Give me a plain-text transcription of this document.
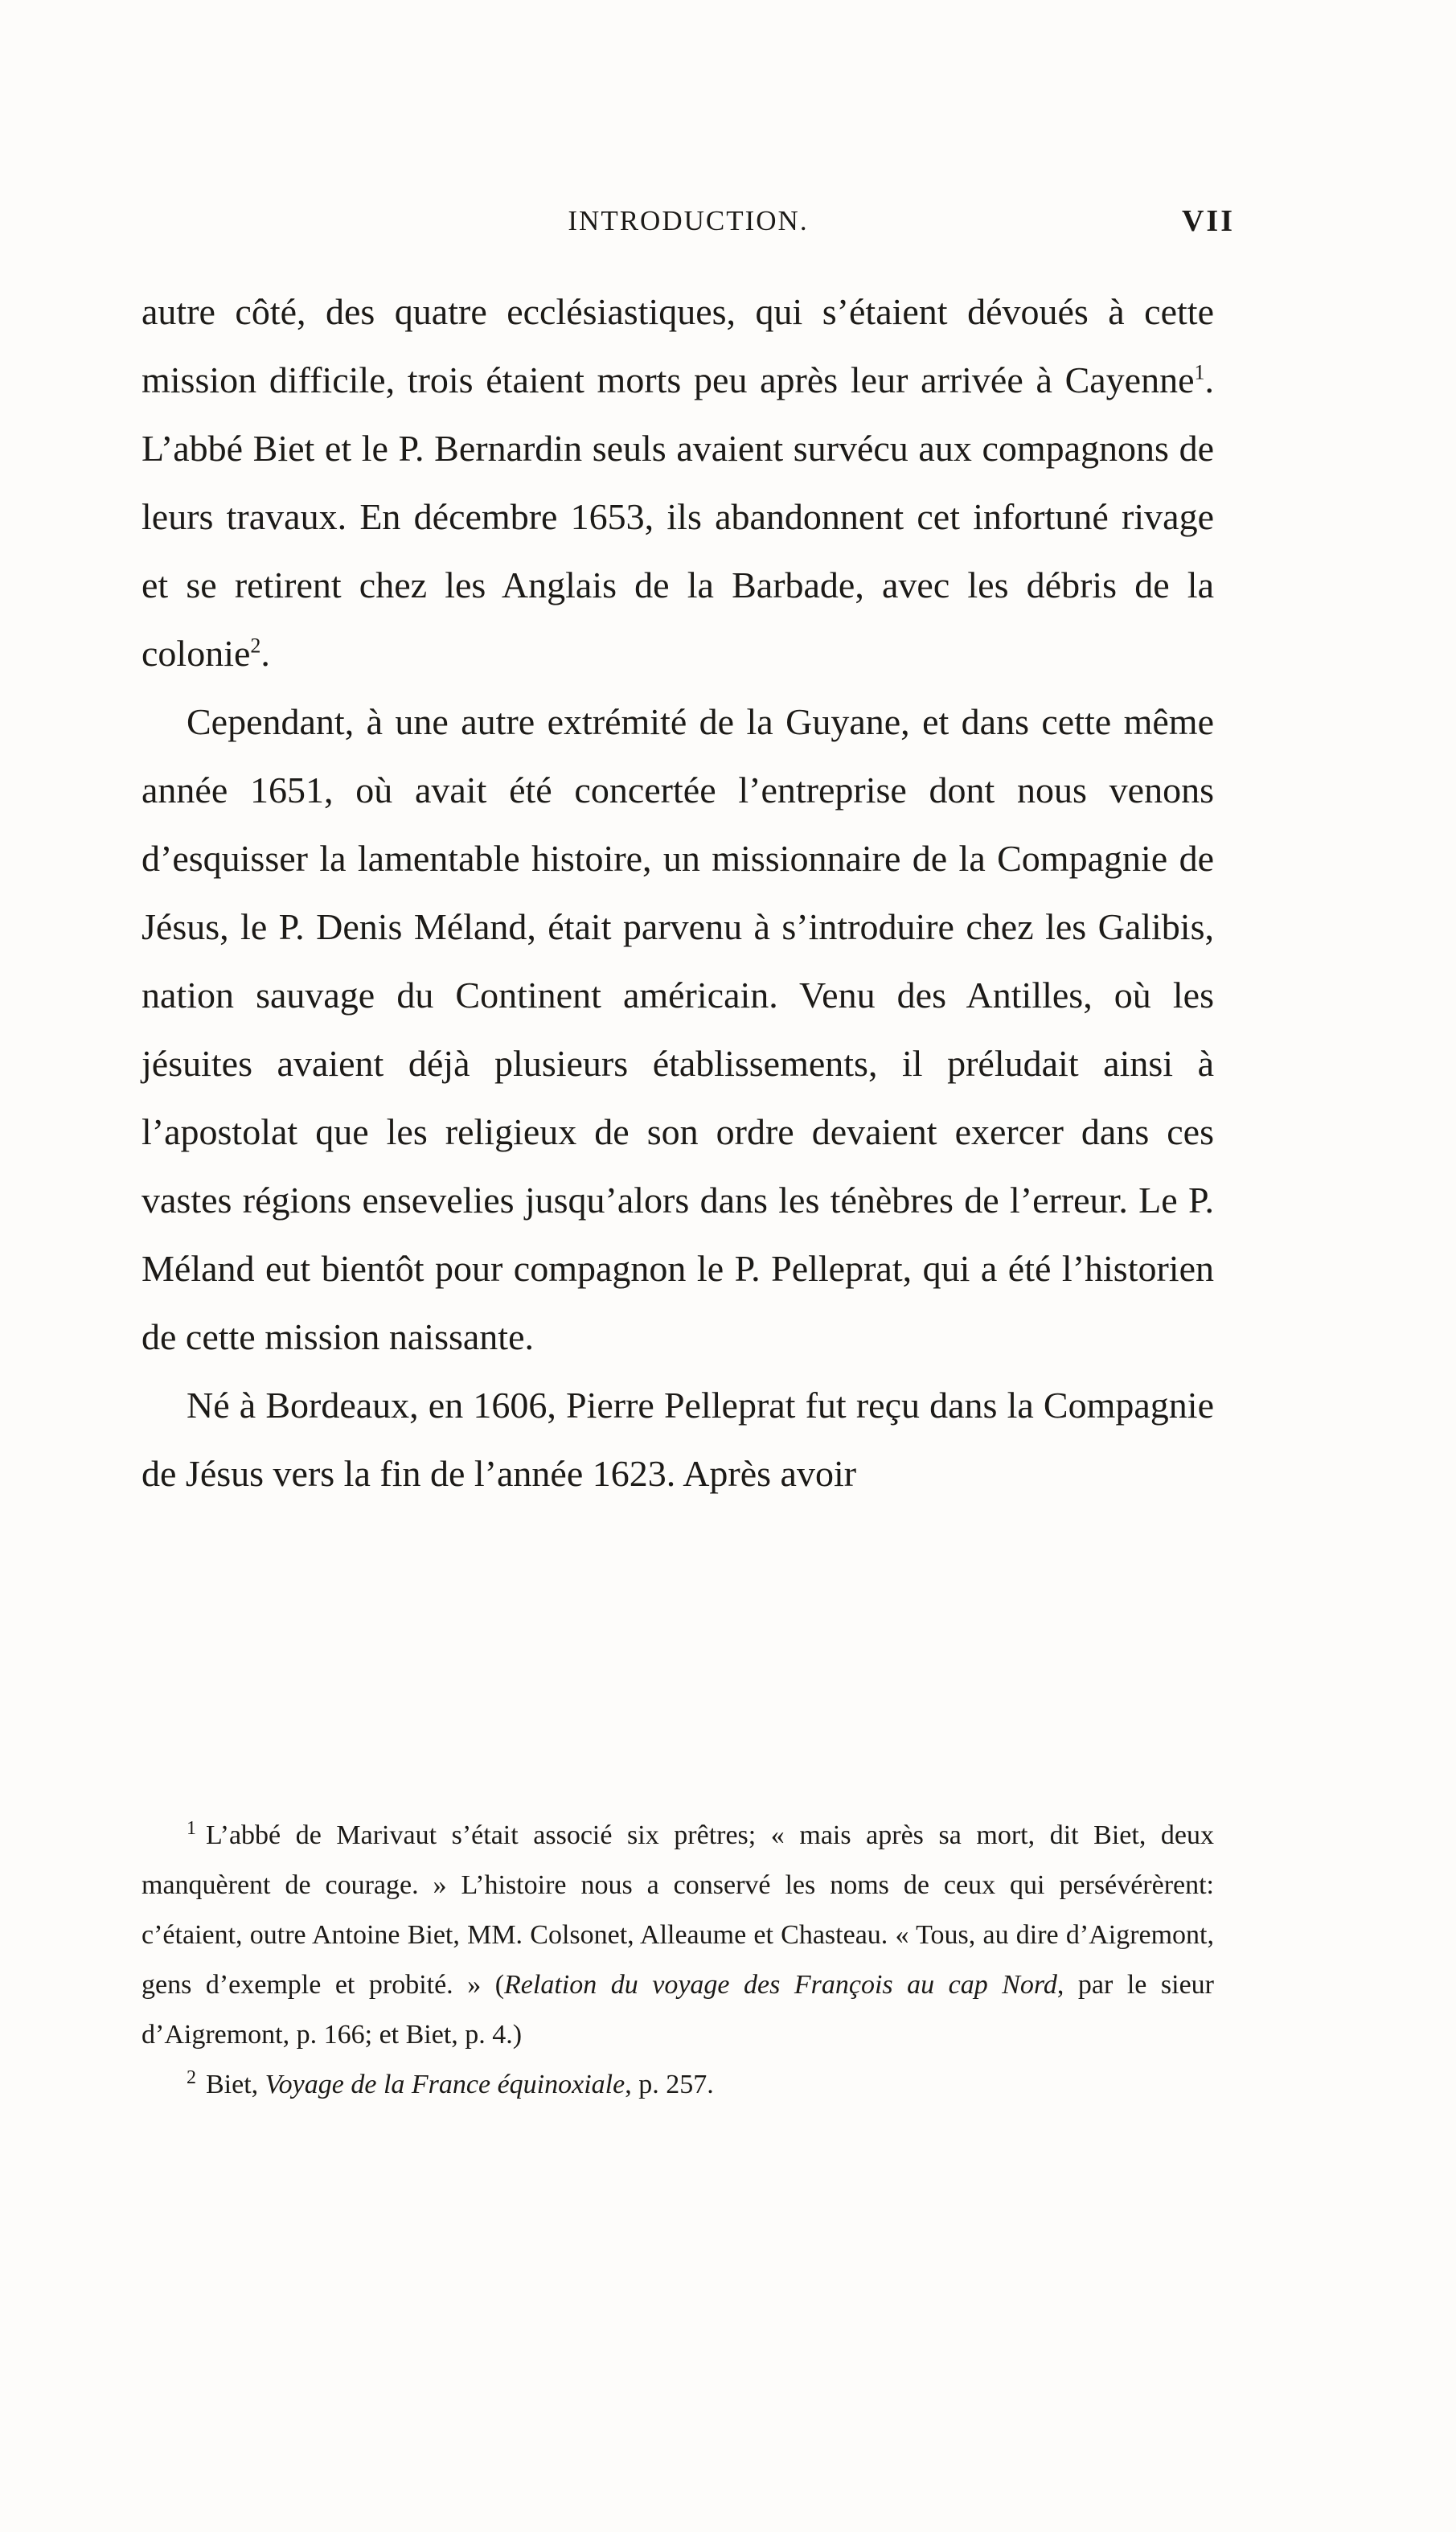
INTRODUCTION.	VII

autre côté, des quatre ecclésiastiques, qui s’étaient dévoués à cette mission difficile, trois étaient morts peu après leur arrivée à Cayenne$^1$. L’abbé Biet et le P. Bernardin seuls avaient survécu aux compagnons de leurs travaux. En décembre 1653, ils abandonnent cet infortuné rivage et se retirent chez les Anglais de la Barbade, avec les débris de la colonie$^2$.

Cependant, à une autre extrémité de la Guyane, et dans cette même année 1651, où avait été concertée l’entreprise dont nous venons d’esquisser la lamentable histoire, un missionnaire de la Compagnie de Jésus, le P. Denis Méland, était parvenu à s’introduire chez les Galibis, nation sauvage du Continent américain. Venu des Antilles, où les jésuites avaient déjà plusieurs établissements, il préludait ainsi à l’apostolat que les religieux de son ordre devaient exercer dans ces vastes régions ensevelies jusqu’alors dans les ténèbres de l’erreur. Le P. Méland eut bientôt pour compagnon le P. Pelleprat, qui a été l’historien de cette mission naissante.

Né à Bordeaux, en 1606, Pierre Pelleprat fut reçu dans la Compagnie de Jésus vers la fin de l’année 1623. Après avoir

$^1$ L’abbé de Marivaut s’était associé six prêtres; « mais après sa mort, dit Biet, deux manquèrent de courage. » L’histoire nous a conservé les noms de ceux qui persévérèrent: c’étaient, outre Antoine Biet, MM. Colsonet, Alleaume et Chasteau. « Tous, au dire d’Aigremont, gens d’exemple et probité. » (Relation du voyage des François au cap Nord, par le sieur d’Aigremont, p. 166; et Biet, p. 4.)

$^2$ Biet, Voyage de la France équinoxiale, p. 257.
